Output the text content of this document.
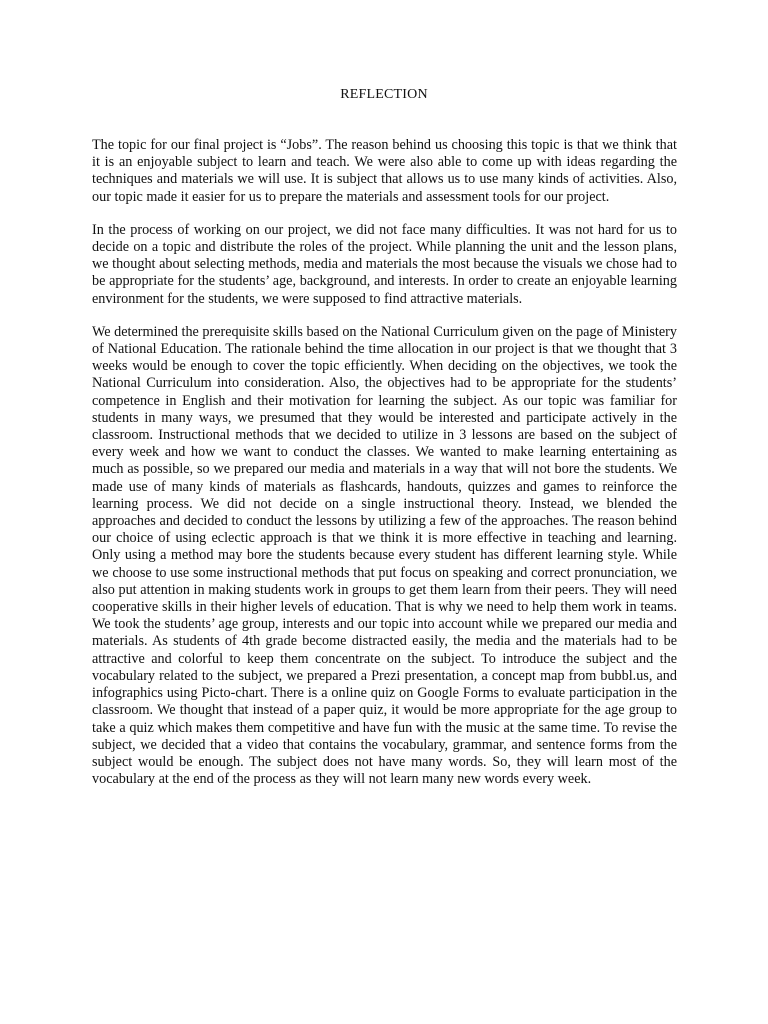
REFLECTION

The topic for our final project is “Jobs”. The reason behind us choosing this topic is that we think that it is an enjoyable subject to learn and teach. We were also able to come up with ideas regarding the techniques and materials we will use. It is subject that allows us to use many kinds of activities. Also, our topic made it easier for us to prepare the materials and assessment tools for our project.

In the process of working on our project, we did not face many difficulties. It was not hard for us to decide on a topic and distribute the roles of the project. While planning the unit and the lesson plans, we thought about selecting methods, media and materials the most because the visuals we chose had to be appropriate for the students’ age, background, and interests. In order to create an enjoyable learning environment for the students, we were supposed to find attractive materials.

We determined the prerequisite skills based on the National Curriculum given on the page of Ministery of National Education. The rationale behind the time allocation in our project is that we thought that 3 weeks would be enough to cover the topic efficiently. When deciding on the objectives, we took the National Curriculum into consideration. Also, the objectives had to be appropriate for the students’ competence in English and their motivation for learning the subject. As our topic was familiar for students in many ways, we presumed that they would be interested and participate actively in the classroom. Instructional methods that we decided to utilize in 3 lessons are based on the subject of every week and how we want to conduct the classes. We wanted to make learning entertaining as much as possible, so we prepared our media and materials in a way that will not bore the students. We made use of many kinds of materials as flashcards, handouts, quizzes and games to reinforce the learning process. We did not decide on a single instructional theory. Instead, we blended the approaches and decided to conduct the lessons by utilizing a few of the approaches. The reason behind our choice of using eclectic approach is that we think it is more effective in teaching and learning. Only using a method may bore the students because every student has different learning style. While we choose to use some instructional methods that put focus on speaking and correct pronunciation, we also put attention in making students work in groups to get them learn from their peers. They will need cooperative skills in their higher levels of education. That is why we need to help them work in teams. We took the students’ age group, interests and our topic into account while we prepared our media and materials. As students of 4th grade become distracted easily, the media and the materials had to be attractive and colorful to keep them concentrate on the subject. To introduce the subject and the vocabulary related to the subject, we prepared a Prezi presentation, a concept map from bubbl.us, and infographics using Picto-chart. There is a online quiz on Google Forms to evaluate participation in the classroom. We thought that instead of a paper quiz, it would be more appropriate for the age group to take a quiz which makes them competitive and have fun with the music at the same time. To revise the subject, we decided that a video that contains the vocabulary, grammar, and sentence forms from the subject would be enough. The subject does not have many words. So, they will learn most of the vocabulary at the end of the process as they will not learn many new words every week.
